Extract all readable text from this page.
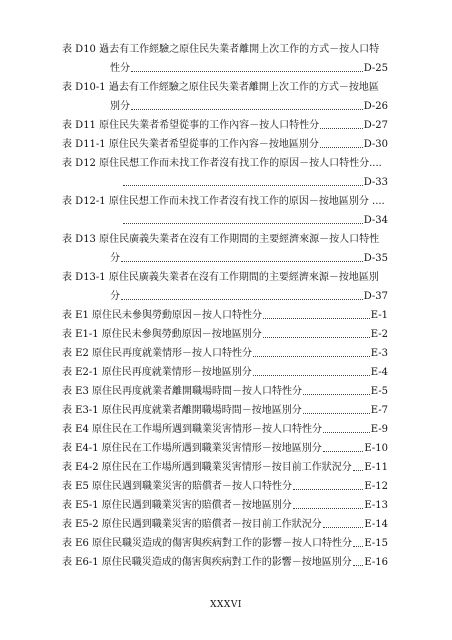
表 D10 過去有工作經驗之原住民失業者離開上次工作的方式－按人口特
性分	D-25
表 D10-1 過去有工作經驗之原住民失業者離開上次工作的方式－按地區
別分	D-26
表 D11 原住民失業者希望從事的工作內容－按人口特性分	D-27
表 D11-1 原住民失業者希望從事的工作內容－按地區別分	D-30
表 D12 原住民想工作而未找工作者沒有找工作的原因－按人口特性分....
D-33
表 D12-1 原住民想工作而未找工作者沒有找工作的原因－按地區別分 ....
D-34
表 D13 原住民廣義失業者在沒有工作期間的主要經濟來源－按人口特性
分	D-35
表 D13-1 原住民廣義失業者在沒有工作期間的主要經濟來源－按地區別
分	D-37
表 E1 原住民未參與勞動原因－按人口特性分	E-1
表 E1-1 原住民未參與勞動原因－按地區別分	E-2
表 E2 原住民再度就業情形－按人口特性分	E-3
表 E2-1 原住民再度就業情形－按地區別分	E-4
表 E3 原住民再度就業者離開職場時間－按人口特性分	E-5
表 E3-1 原住民再度就業者離開職場時間－按地區別分	E-7
表 E4 原住民在工作場所遇到職業災害情形－按人口特性分	E-9
表 E4-1 原住民在工作場所遇到職業災害情形－按地區別分	E-10
表 E4-2 原住民在工作場所遇到職業災害情形－按目前工作狀況分 E-11
表 E5 原住民遇到職業災害的賠償者－按人口特性分	E-12
表 E5-1 原住民遇到職業災害的賠償者－按地區別分	E-13
表 E5-2 原住民遇到職業災害的賠償者－按目前工作狀況分	E-14
表 E6 原住民職災造成的傷害與疾病對工作的影響－按人口特性分 E-15
表 E6-1 原住民職災造成的傷害與疾病對工作的影響－按地區別分 E-16
XXXVI
